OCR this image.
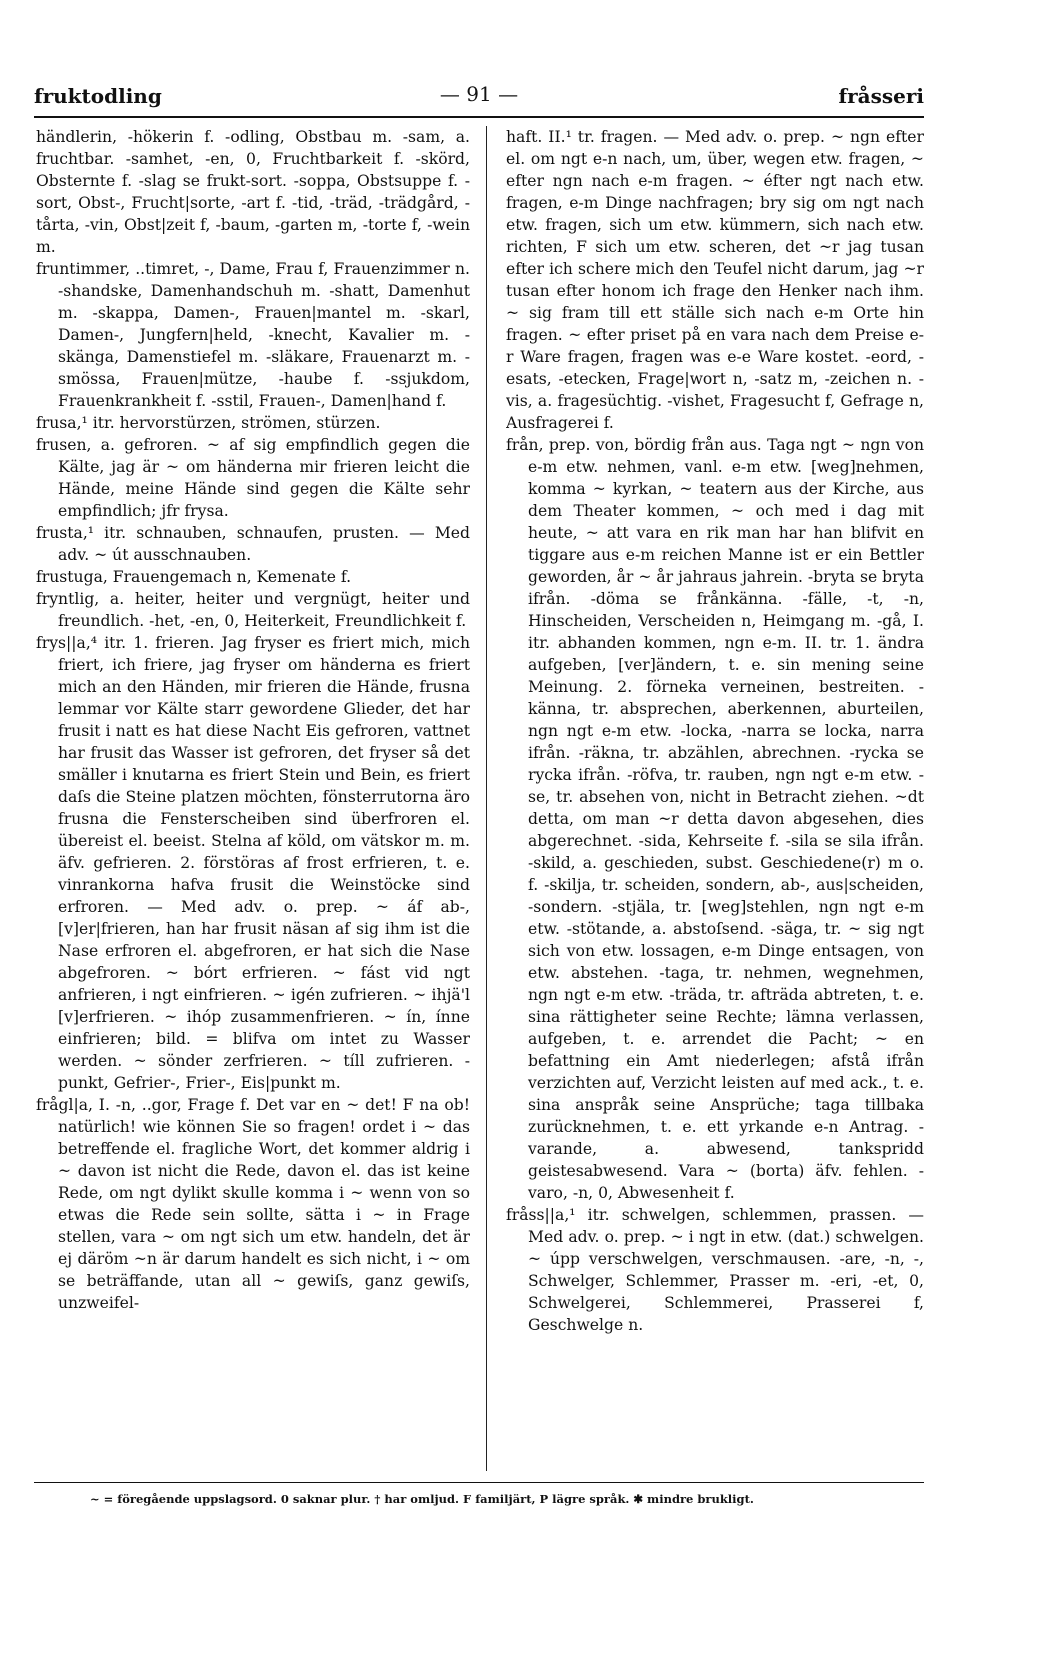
fruktodling	— 91 —	fråsseri

händlerin, -hökerin f. -odling, Obstbau m. -sam, a. fruchtbar. -samhet, -en, 0, Fruchtbarkeit f. -skörd, Obsternte f. -slag se frukt-sort. -soppa, Obstsuppe f. -sort, Obst-, Frucht|sorte, -art f. -tid, -träd, -trädgård, -tårta, -vin, Obst|zeit f, -baum, -garten m, -torte f, -wein m.

fruntimmer, ..timret, -, Dame, Frau f, Frauenzimmer n. -shandske, Damenhandschuh m. -shatt, Damenhut m. -skappa, Damen-, Frauen|mantel m. -skarl, Damen-, Jungfern|held, -knecht, Kavalier m. -skänga, Damenstiefel m. -släkare, Frauenarzt m. -smössa, Frauen|mütze, -haube f. -ssjukdom, Frauenkrankheit f. -sstil, Frauen-, Damen|hand f.

frusa,¹ itr. hervorstürzen, strömen, stürzen.

frusen, a. gefroren. ~ af sig empfindlich gegen die Kälte, jag är ~ om händerna mir frieren leicht die Hände, meine Hände sind gegen die Kälte sehr empfindlich; jfr frysa.

frusta,¹ itr. schnauben, schnaufen, prusten. — Med adv. ~ út ausschnauben.

frustuga, Frauengemach n, Kemenate f.

fryntlig, a. heiter, heiter und vergnügt, heiter und freundlich. -het, -en, 0, Heiterkeit, Freundlichkeit f.

frys||a,⁴ itr. 1. frieren. Jag fryser es friert mich, mich friert, ich friere, jag fryser om händerna es friert mich an den Händen, mir frieren die Hände, frusna lemmar vor Kälte starr gewordene Glieder, det har frusit i natt es hat diese Nacht Eis gefroren, vattnet har frusit das Wasser ist gefroren, det fryser så det smäller i knutarna es friert Stein und Bein, es friert daſs die Steine platzen möchten, fönsterrutorna äro frusna die Fensterscheiben sind überfroren el. übereist el. beeist. Stelna af köld, om vätskor m. m. äfv. gefrieren. 2. förstöras af frost erfrieren, t. e. vinrankorna hafva frusit die Weinstöcke sind erfroren. — Med adv. o. prep. ~ áf ab-, [v]er|frieren, han har frusit näsan af sig ihm ist die Nase erfroren el. abgefroren, er hat sich die Nase abgefroren. ~ bórt erfrieren. ~ fást vid ngt anfrieren, i ngt einfrieren. ~ igén zufrieren. ~ ihjä'l [v]erfrieren. ~ ihóp zusammenfrieren. ~ ín, ínne einfrieren; bild. = blifva om intet zu Wasser werden. ~ sönder zerfrieren. ~ tíll zufrieren. -punkt, Gefrier-, Frier-, Eis|punkt m.

frågl|a, I. -n, ..gor, Frage f. Det var en ~ det! F na ob! natürlich! wie können Sie so fragen! ordet i ~ das betreffende el. fragliche Wort, det kommer aldrig i ~ davon ist nicht die Rede, davon el. das ist keine Rede, om ngt dylikt skulle komma i ~ wenn von so etwas die Rede sein sollte, sätta i ~ in Frage stellen, vara ~ om ngt sich um etw. handeln, det är ej däröm ~n är darum handelt es sich nicht, i ~ om se beträffande, utan all ~ gewiſs, ganz gewiſs, unzweifel-

haft. II.¹ tr. fragen. — Med adv. o. prep. ~ ngn efter el. om ngt e-n nach, um, über, wegen etw. fragen, ~ efter ngn nach e-m fragen. ~ éfter ngt nach etw. fragen, e-m Dinge nachfragen; bry sig om ngt nach etw. fragen, sich um etw. kümmern, sich nach etw. richten, F sich um etw. scheren, det ~r jag tusan efter ich schere mich den Teufel nicht darum, jag ~r tusan efter honom ich frage den Henker nach ihm. ~ sig fram till ett ställe sich nach e-m Orte hin fragen. ~ efter priset på en vara nach dem Preise e-r Ware fragen, fragen was e-e Ware kostet. -eord, -esats, -etecken, Frage|wort n, -satz m, -zeichen n. -vis, a. fragesüchtig. -vishet, Fragesucht f, Gefrage n, Ausfragerei f.

från, prep. von, bördig från aus. Taga ngt ~ ngn von e-m etw. nehmen, vanl. e-m etw. [weg]nehmen, komma ~ kyrkan, ~ teatern aus der Kirche, aus dem Theater kommen, ~ och med i dag mit heute, ~ att vara en rik man har han blifvit en tiggare aus e-m reichen Manne ist er ein Bettler geworden, år ~ år jahraus jahrein. -bryta se bryta ifrån. -döma se frånkänna. -fälle, -t, -n, Hinscheiden, Verscheiden n, Heimgang m. -gå, I. itr. abhanden kommen, ngn e-m. II. tr. 1. ändra aufgeben, [ver]ändern, t. e. sin mening seine Meinung. 2. förneka verneinen, bestreiten. -känna, tr. absprechen, aberkennen, aburteilen, ngn ngt e-m etw. -locka, -narra se locka, narra ifrån. -räkna, tr. abzählen, abrechnen. -rycka se rycka ifrån. -röfva, tr. rauben, ngn ngt e-m etw. -se, tr. absehen von, nicht in Betracht ziehen. ~dt detta, om man ~r detta davon abgesehen, dies abgerechnet. -sida, Kehrseite f. -sila se sila ifrån. -skild, a. geschieden, subst. Geschiedene(r) m o. f. -skilja, tr. scheiden, sondern, ab-, aus|scheiden, -sondern. -stjäla, tr. [weg]stehlen, ngn ngt e-m etw. -stötande, a. abstoſsend. -säga, tr. ~ sig ngt sich von etw. lossagen, e-m Dinge entsagen, von etw. abstehen. -taga, tr. nehmen, wegnehmen, ngn ngt e-m etw. -träda, tr. afträda abtreten, t. e. sina rättigheter seine Rechte; lämna verlassen, aufgeben, t. e. arrendet die Pacht; ~ en befattning ein Amt niederlegen; afstå ifrån verzichten auf, Verzicht leisten auf med ack., t. e. sina anspråk seine Ansprüche; taga tillbaka zurücknehmen, t. e. ett yrkande e-n Antrag. -varande, a. abwesend, tankspridd geistesabwesend. Vara ~ (borta) äfv. fehlen. -varo, -n, 0, Abwesenheit f.

fråss||a,¹ itr. schwelgen, schlemmen, prassen. — Med adv. o. prep. ~ i ngt in etw. (dat.) schwelgen. ~ úpp verschwelgen, verschmausen. -are, -n, -, Schwelger, Schlemmer, Prasser m. -eri, -et, 0, Schwelgerei, Schlemmerei, Prasserei f, Geschwelge n.

~ = föregående uppslagsord. 0 saknar plur. † har omljud. F familjärt, P lägre språk. ✱ mindre brukligt.
